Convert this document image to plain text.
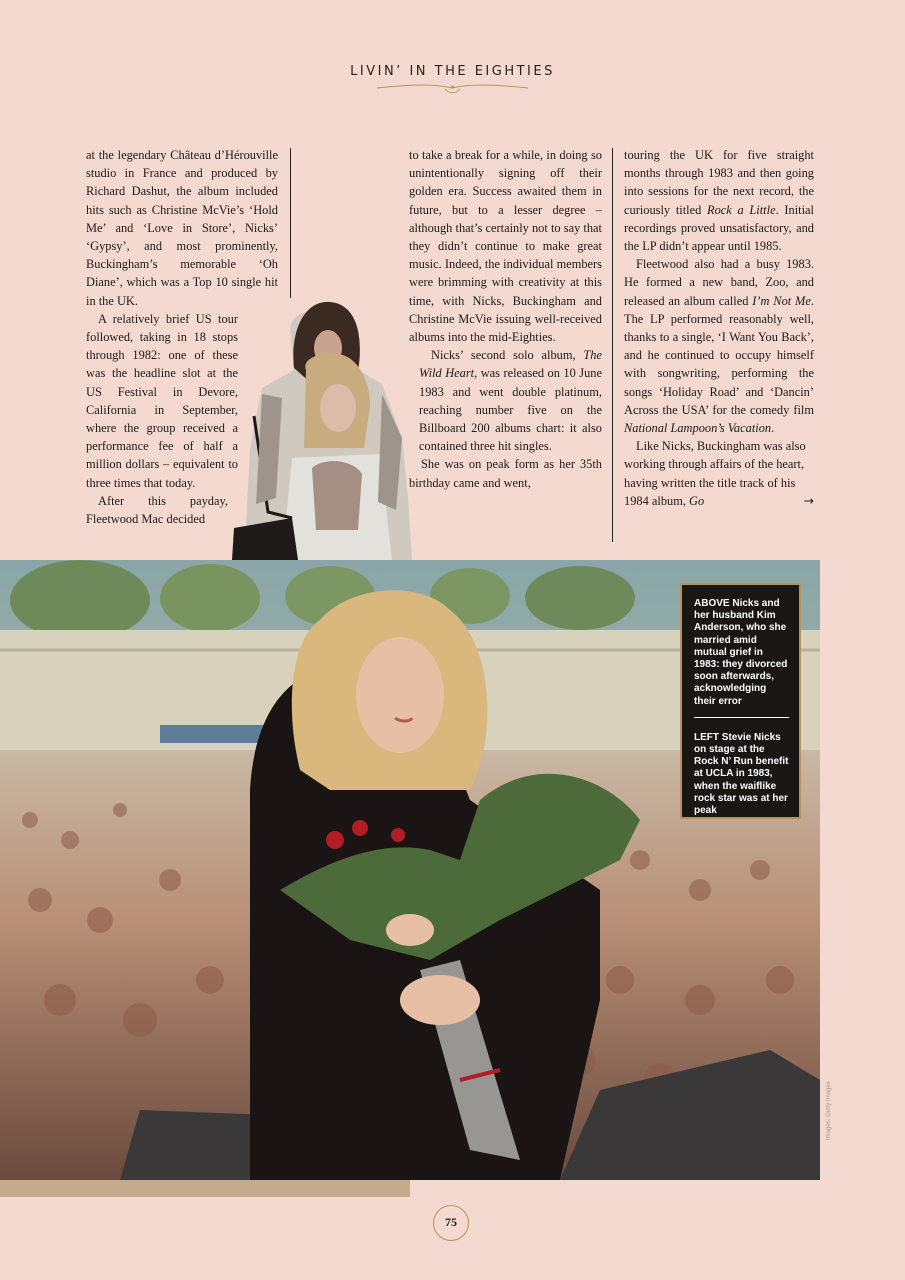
LIVIN’ IN THE EIGHTIES

at the legendary Château d’Hérouville studio in France and produced by Richard Dashut, the album included hits such as Christine McVie’s ‘Hold Me’ and ‘Love in Store’, Nicks’ ‘Gypsy’, and most prominently, Buckingham’s memorable ‘Oh Diane’, which was a Top 10 single hit in the UK.

A relatively brief US tour followed, taking in 18 stops through 1982: one of these was the headline slot at the US Festival in Devore, California in September, where the group received a performance fee of half a million dollars – equivalent to three times that today.

After this payday, Fleetwood Mac decided

to take a break for a while, in doing so unintentionally signing off their golden era. Success awaited them in future, but to a lesser degree – although that’s certainly not to say that they didn’t continue to make great music. Indeed, the individual members were brimming with creativity at this time, with Nicks, Buckingham and Christine McVie issuing well-received albums into the mid-Eighties.

Nicks’ second solo album, The Wild Heart, was released on 10 June 1983 and went double platinum, reaching number five on the Billboard 200 albums chart: it also contained three hit singles.

She was on peak form as her 35th birthday came and went,

touring the UK for five straight months through 1983 and then going into sessions for the next record, the curiously titled Rock a Little. Initial recordings proved unsatisfactory, and the LP didn’t appear until 1985.

Fleetwood also had a busy 1983. He formed a new band, Zoo, and released an album called I’m Not Me. The LP performed reasonably well, thanks to a single, ‘I Want You Back’, and he continued to occupy himself with songwriting, performing the songs ‘Holiday Road’ and ‘Dancin’ Across the USA’ for the comedy film National Lampoon’s Vacation.

Like Nicks, Buckingham was also working through affairs of the heart, having written the title track of his 1984 album, Go	→

ABOVE Nicks and her husband Kim Anderson, who she married amid mutual grief in 1983: they divorced soon afterwards, acknowledging their error
LEFT Stevie Nicks on stage at the Rock N’ Run benefit at UCLA in 1983, when the waiflike rock star was at her peak
Images: Getty Images
75
